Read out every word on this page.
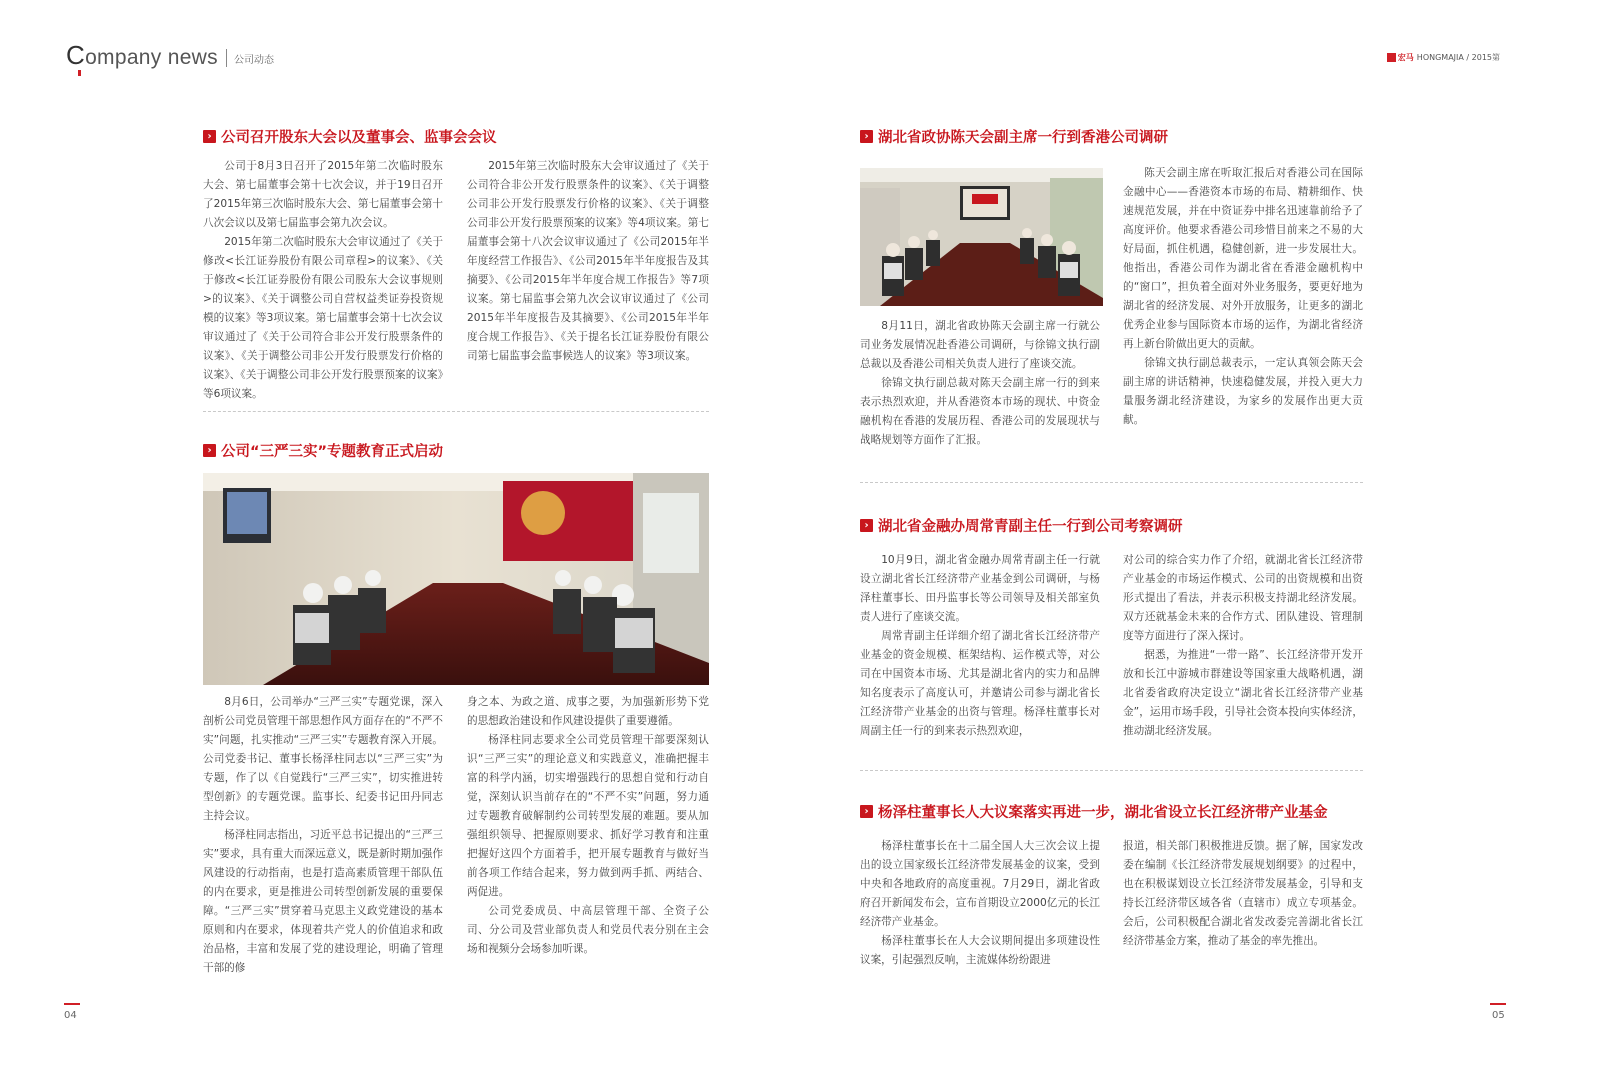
Company news 公司动态	宏马 HONGMAJIA / 2015第
› 公司召开股东大会以及董事会、监事会会议

公司于8月3日召开了2015年第二次临时股东大会、第七届董事会第十七次会议，并于19日召开了2015年第三次临时股东大会、第七届董事会第十八次会议以及第七届监事会第九次会议。

2015年第二次临时股东大会审议通过了《关于修改<长江证券股份有限公司章程>的议案》、《关于修改<长江证券股份有限公司股东大会议事规则>的议案》、《关于调整公司自营权益类证券投资规模的议案》等3项议案。第七届董事会第十七次会议审议通过了《关于公司符合非公开发行股票条件的议案》、《关于调整公司非公开发行股票发行价格的议案》、《关于调整公司非公开发行股票预案的议案》等6项议案。

2015年第三次临时股东大会审议通过了《关于公司符合非公开发行股票条件的议案》、《关于调整公司非公开发行股票发行价格的议案》、《关于调整公司非公开发行股票预案的议案》等4项议案。第七届董事会第十八次会议审议通过了《公司2015年半年度经营工作报告》、《公司2015年半年度报告及其摘要》、《公司2015年半年度合规工作报告》等7项议案。第七届监事会第九次会议审议通过了《公司2015年半年度报告及其摘要》、《公司2015年半年度合规工作报告》、《关于提名长江证券股份有限公司第七届监事会监事候选人的议案》等3项议案。

› 公司“三严三实”专题教育正式启动

8月6日，公司举办“三严三实”专题党课，深入剖析公司党员管理干部思想作风方面存在的“不严不实”问题，扎实推动“三严三实”专题教育深入开展。公司党委书记、董事长杨泽柱同志以“三严三实”为专题，作了以《自觉践行“三严三实”，切实推进转型创新》的专题党课。监事长、纪委书记田丹同志主持会议。

杨泽柱同志指出，习近平总书记提出的“三严三实”要求，具有重大而深远意义，既是新时期加强作风建设的行动指南，也是打造高素质管理干部队伍的内在要求，更是推进公司转型创新发展的重要保障。“三严三实”贯穿着马克思主义政党建设的基本原则和内在要求，体现着共产党人的价值追求和政治品格，丰富和发展了党的建设理论，明确了管理干部的修

身之本、为政之道、成事之要，为加强新形势下党的思想政治建设和作风建设提供了重要遵循。

杨泽柱同志要求全公司党员管理干部要深刻认识“三严三实”的理论意义和实践意义，准确把握丰富的科学内涵，切实增强践行的思想自觉和行动自觉，深刻认识当前存在的“不严不实”问题，努力通过专题教育破解制约公司转型发展的难题。要从加强组织领导、把握原则要求、抓好学习教育和注重把握好这四个方面着手，把开展专题教育与做好当前各项工作结合起来，努力做到两手抓、两结合、两促进。

公司党委成员、中高层管理干部、全资子公司、分公司及营业部负责人和党员代表分别在主会场和视频分会场参加听课。

› 湖北省政协陈天会副主席一行到香港公司调研

8月11日，湖北省政协陈天会副主席一行就公司业务发展情况赴香港公司调研，与徐锦文执行副总裁以及香港公司相关负责人进行了座谈交流。

徐锦文执行副总裁对陈天会副主席一行的到来表示热烈欢迎，并从香港资本市场的现状、中资金融机构在香港的发展历程、香港公司的发展现状与战略规划等方面作了汇报。

陈天会副主席在听取汇报后对香港公司在国际金融中心——香港资本市场的布局、精耕细作、快速规范发展，并在中资证券中排名迅速靠前给予了高度评价。他要求香港公司珍惜目前来之不易的大好局面，抓住机遇，稳健创新，进一步发展壮大。他指出，香港公司作为湖北省在香港金融机构中的“窗口”，担负着全面对外业务服务，要更好地为湖北省的经济发展、对外开放服务，让更多的湖北优秀企业参与国际资本市场的运作，为湖北省经济再上新台阶做出更大的贡献。

徐锦文执行副总裁表示，一定认真领会陈天会副主席的讲话精神，快速稳健发展，并投入更大力量服务湖北经济建设，为家乡的发展作出更大贡献。

› 湖北省金融办周常青副主任一行到公司考察调研

10月9日，湖北省金融办周常青副主任一行就设立湖北省长江经济带产业基金到公司调研，与杨泽柱董事长、田丹监事长等公司领导及相关部室负责人进行了座谈交流。

周常青副主任详细介绍了湖北省长江经济带产业基金的资金规模、框架结构、运作模式等，对公司在中国资本市场、尤其是湖北省内的实力和品牌知名度表示了高度认可，并邀请公司参与湖北省长江经济带产业基金的出资与管理。杨泽柱董事长对周副主任一行的到来表示热烈欢迎，

对公司的综合实力作了介绍，就湖北省长江经济带产业基金的市场运作模式、公司的出资规模和出资形式提出了看法，并表示积极支持湖北经济发展。双方还就基金未来的合作方式、团队建设、管理制度等方面进行了深入探讨。

据悉，为推进“一带一路”、长江经济带开发开放和长江中游城市群建设等国家重大战略机遇，湖北省委省政府决定设立“湖北省长江经济带产业基金”，运用市场手段，引导社会资本投向实体经济，推动湖北经济发展。

› 杨泽柱董事长人大议案落实再进一步，湖北省设立长江经济带产业基金

杨泽柱董事长在十二届全国人大三次会议上提出的设立国家级长江经济带发展基金的议案，受到中央和各地政府的高度重视。7月29日，湖北省政府召开新闻发布会，宣布首期设立2000亿元的长江经济带产业基金。

杨泽柱董事长在人大会议期间提出多项建设性议案，引起强烈反响，主流媒体纷纷跟进

报道，相关部门积极推进反馈。据了解，国家发改委在编制《长江经济带发展规划纲要》的过程中，也在积极谋划设立长江经济带发展基金，引导和支持长江经济带区域各省（直辖市）成立专项基金。会后，公司积极配合湖北省发改委完善湖北省长江经济带基金方案，推动了基金的率先推出。

04	05
